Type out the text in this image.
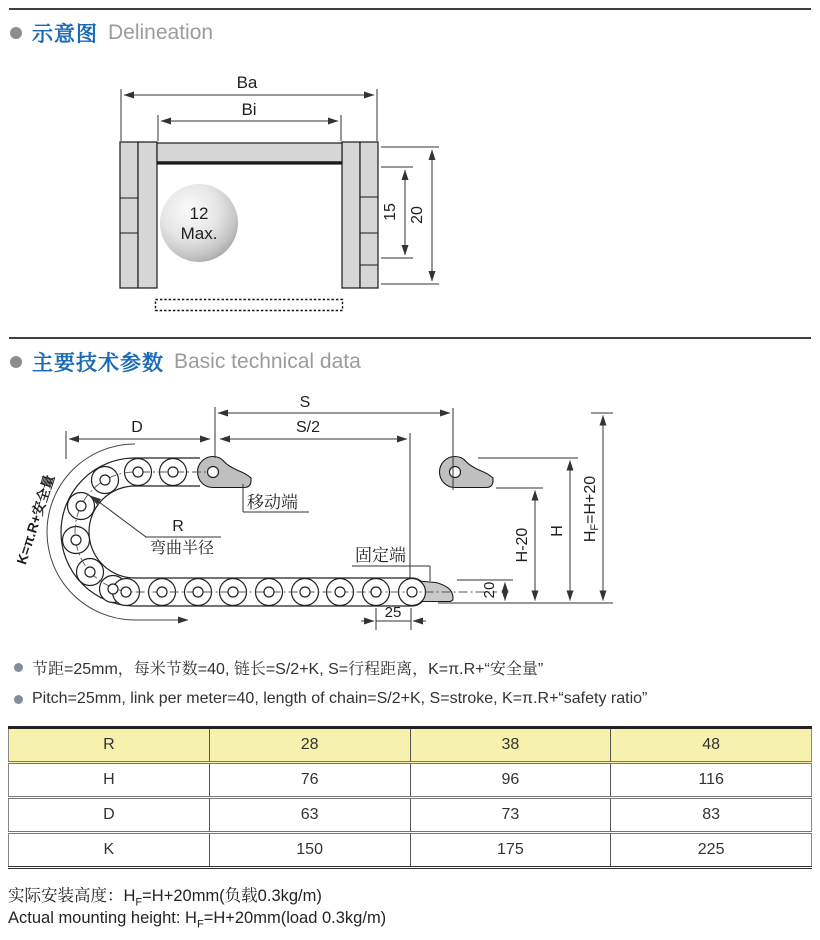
示意图 Delineation
12
Max.
Ba
Bi
15 20
主要技术参数 Basic technical data
S
S/2
D
移动端
R
弯曲半径
K=π.R+安全量	固定端
25
20
H-20 H HF=H+20
节距=25mm，每米节数=40, 链长=S/2+K, S=行程距离，K=π.R+“安全量”
Pitch=25mm, link per meter=40, length of chain=S/2+K, S=stroke, K=π.R+“safety ratio”
R	28	38	48
H	76	96	116
D	63	73	83
K	150	175	225
实际安装高度：$H_F=H+20mm$(负载0.3kg/m)
Actual mounting height: $H_F=H+20mm(load$ 0.3kg/m)
